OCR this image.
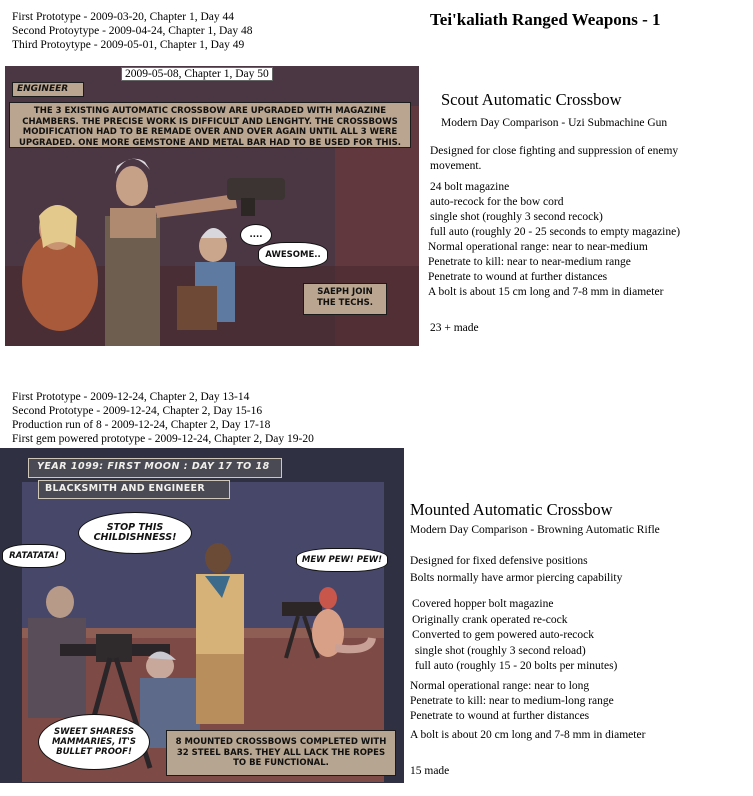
First Prototype - 2009-03-20, Chapter 1, Day 44
Second Protoytype - 2009-04-24, Chapter 1, Day 48
Third Protoytype - 2009-05-01, Chapter 1, Day 49
Tei'kaliath Ranged Weapons - 1
ENGINEER
THE 3 EXISTING AUTOMATIC CROSSBOW ARE UPGRADED WITH MAGAZINE CHAMBERS. THE PRECISE WORK IS DIFFICULT AND LENGHTY. THE CROSSBOWS MODIFICATION HAD TO BE REMADE OVER AND OVER AGAIN UNTIL ALL 3 WERE UPGRADED. ONE MORE GEMSTONE AND METAL BAR HAD TO BE USED FOR THIS.
....
AWESOME..
SAEPH JOIN THE TECHS.
2009-05-08, Chapter 1, Day 50
Scout Automatic Crossbow
Modern Day Comparison - Uzi Submachine Gun
Designed for close fighting and suppression of enemy
movement.
24 bolt magazine
auto-recock for the bow cord
single shot (roughly 3 second recock)
full auto (roughly 20 - 25 seconds to empty magazine)
Normal operational range: near to near-medium
Penetrate to kill: near to near-medium range
Penetrate to wound at further distances
A bolt is about 15 cm long and 7-8 mm in diameter
23 + made
First Prototype - 2009-12-24, Chapter 2, Day 13-14
Second Prototype - 2009-12-24, Chapter 2, Day 15-16
Production run of 8 - 2009-12-24, Chapter 2, Day 17-18
First gem powered prototype - 2009-12-24, Chapter 2, Day 19-20
YEAR 1099: FIRST MOON : DAY 17 TO 18
BLACKSMITH AND ENGINEER
RATATATA!
STOP THIS CHILDISHNESS!
MEW PEW! PEW!
SWEET SHARESS MAMMARIES, IT'S BULLET PROOF!
8 MOUNTED CROSSBOWS COMPLETED WITH 32 STEEL BARS. THEY ALL LACK THE ROPES TO BE FUNCTIONAL.
Mounted Automatic Crossbow
Modern Day Comparison - Browning Automatic Rifle
Designed for fixed defensive positions
Bolts normally have armor piercing capability
Covered hopper bolt magazine
Originally crank operated re-cock
Converted to gem powered auto-recock
single shot (roughly 3 second reload)
full auto (roughly 15 - 20 bolts per minutes)
Normal operational range: near to long
Penetrate to kill: near to medium-long range
Penetrate to wound at further distances
A bolt is about 20 cm long and 7-8 mm in diameter
15 made
